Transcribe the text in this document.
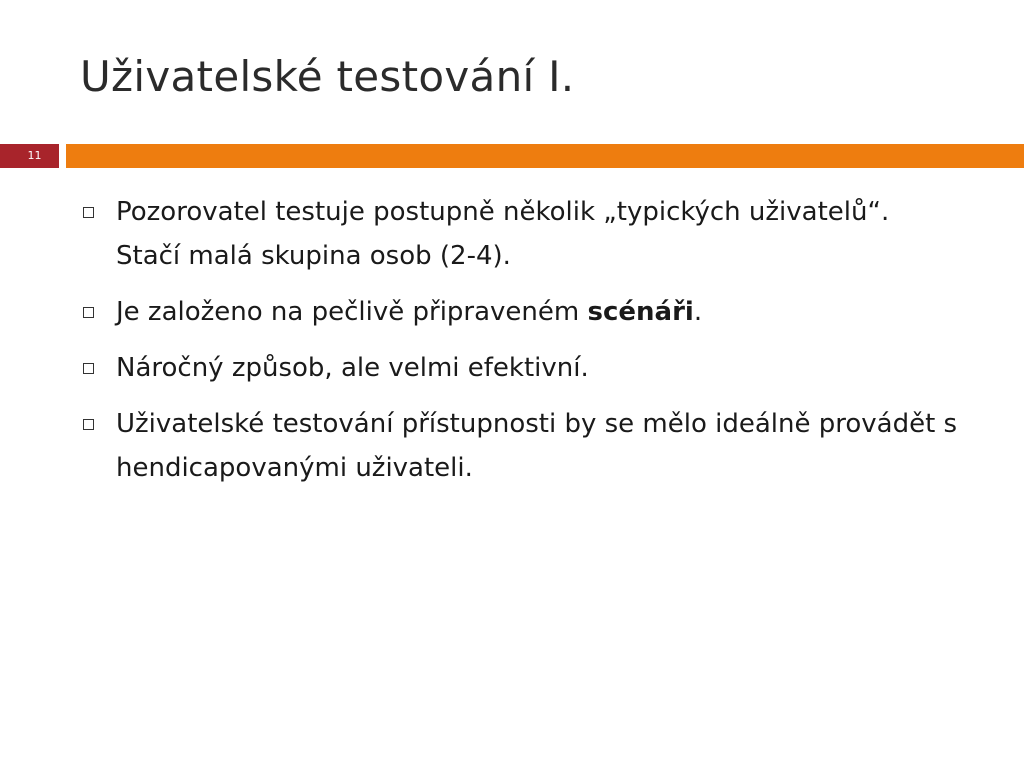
Uživatelské testování I.
11
Pozorovatel testuje postupně několik „typických uživatelů“. Stačí malá skupina osob (2-4).
Je založeno na pečlivě připraveném scénáři.
Náročný způsob, ale velmi efektivní.
Uživatelské testování přístupnosti by se mělo ideálně provádět s hendicapovanými uživateli.
